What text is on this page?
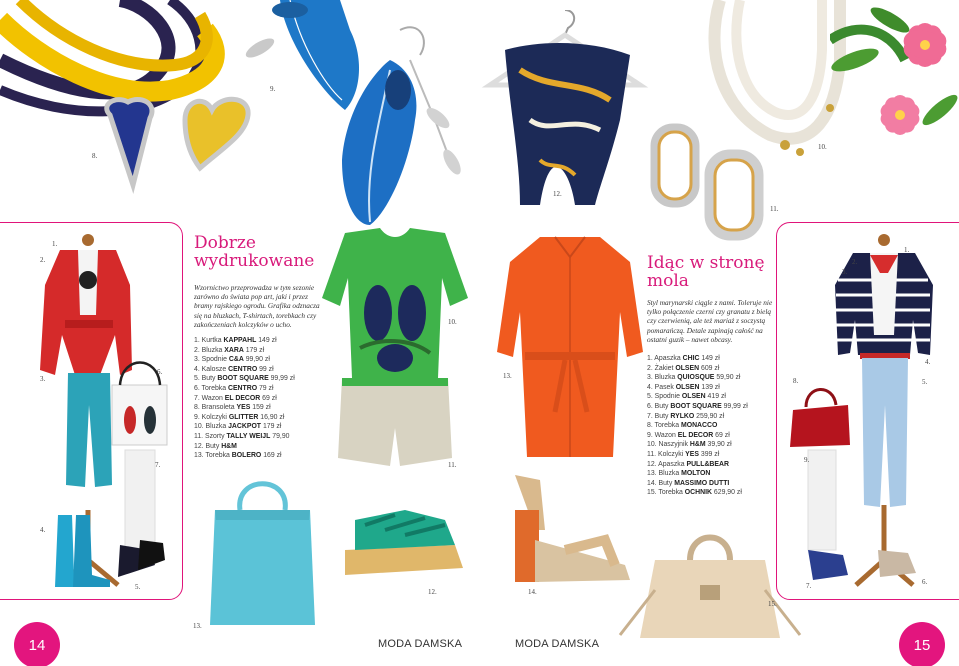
8.
9.
12.
11.
10.
1.
2.
3.
6.
7.
4.
5.
Dobrze
wydrukowane

Wzornictwo przeprowadza w tym sezonie zarówno do świata pop art, jaki i przez bramy rajskiego ogrodu. Grafika odznacza się na bluzkach, T-shirtach, torebkach czy zakończeniach kolczyków o ucho.

1. Kurtka KAPPAHL 149 zł
2. Bluzka XARA 179 zł
3. Spodnie C&A 99,90 zł
4. Kalosze CENTRO 99 zł
5. Buty BOOT SQUARE 99,99 zł
6. Torebka CENTRO 79 zł
7. Wazon EL DECOR 69 zł
8. Bransoleta YES 159 zł
9. Kolczyki GLITTER 16,90 zł
10. Bluzka JACKPOT 179 zł
11. Szorty TALLY WEIJL 79,90
12. Buty H&M
13. Torebka BOLERO 169 zł
10.
11.
12.
13.
13.
14.
15.
Idąc w stronę
mola

Styl marynarski ciągle z nami. Toleruje nie tylko połączenie czerni czy granatu z bielą czy czerwienią, ale też mariaż z soczystą pomarańczą. Detale zapinają całość na ostatni guzik – nawet obcasy.

1. Apaszka CHIC 149 zł
2. Żakiet OLSEN 609 zł
3. Bluzka QUIOSQUE 59,90 zł
4. Pasek OLSEN 139 zł
5. Spodnie OLSEN 419 zł
6. Buty BOOT SQUARE 99,99 zł
7. Buty RYLKO 259,90 zł
8. Torebka MONACCO
9. Wazon EL DECOR 69 zł
10. Naszyjnik H&M 39,90 zł
11. Kolczyki YES 399 zł
12. Apaszka PULL&BEAR
13. Bluzka MOLTON
14. Buty MASSIMO DUTTI
15. Torebka OCHNIK 629,90 zł
1.
2.
3.
4.
8.	5.
9.
7.	6.
14	MODA DAMSKA	MODA DAMSKA	15
